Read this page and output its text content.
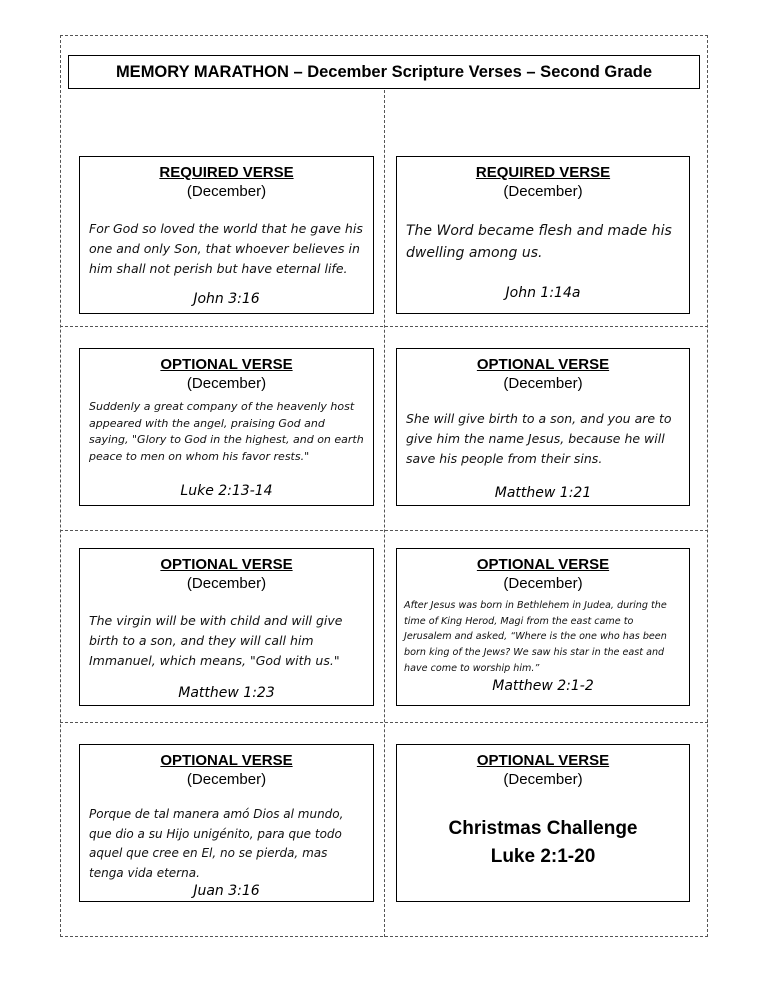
MEMORY MARATHON – December Scripture Verses – Second Grade
REQUIRED VERSE
(December)
For God so loved the world that he gave his one and only Son, that whoever believes in him shall not perish but have eternal life.
John 3:16
REQUIRED VERSE
(December)
The Word became flesh and made his dwelling among us.
John 1:14a
OPTIONAL VERSE
(December)
Suddenly a great company of the heavenly host appeared with the angel, praising God and saying, "Glory to God in the highest, and on earth peace to men on whom his favor rests."
Luke 2:13-14
OPTIONAL VERSE
(December)
She will give birth to a son, and you are to give him the name Jesus, because he will save his people from their sins.
Matthew 1:21
OPTIONAL VERSE
(December)
The virgin will be with child and will give birth to a son, and they will call him Immanuel, which means, "God with us."
Matthew 1:23
OPTIONAL VERSE
(December)
After Jesus was born in Bethlehem in Judea, during the time of King Herod, Magi from the east came to Jerusalem and asked, “Where is the one who has been born king of the Jews? We saw his star in the east and have come to worship him.”
Matthew 2:1-2
OPTIONAL VERSE
(December)
Porque de tal manera amó Dios al mundo, que dio a su Hijo unigénito, para que todo aquel que cree en El, no se pierda, mas tenga vida eterna.
Juan 3:16
OPTIONAL VERSE
(December)
Christmas Challenge
Luke 2:1-20
